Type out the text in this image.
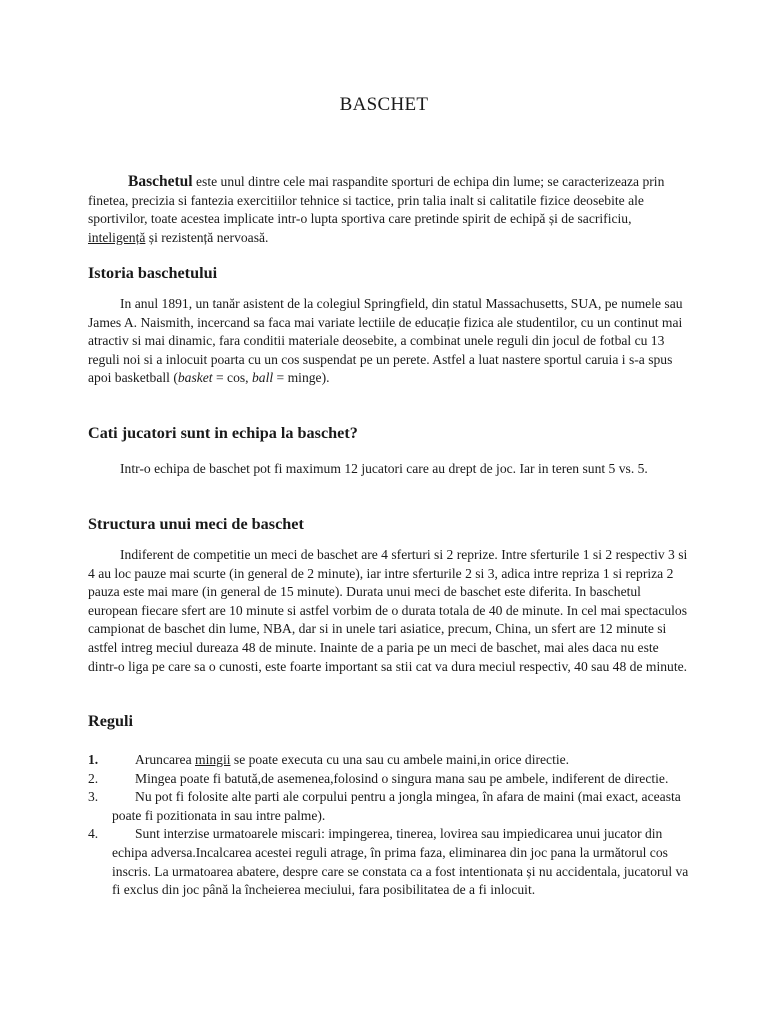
BASCHET
Baschetul este unul dintre cele mai raspandite sporturi de echipa din lume; se caracterizeaza prin finetea, precizia si fantezia exercitiilor tehnice si tactice, prin talia inalt si calitatile fizice deosebite ale sportivilor, toate acestea implicate intr-o lupta sportiva care pretinde spirit de echipă și de sacrificiu, inteligență și rezistență nervoasă.
Istoria baschetului
In anul 1891, un tanăr asistent de la colegiul Springfield, din statul Massachusetts, SUA, pe numele sau James A. Naismith, incercand sa faca mai variate lectiile de educație fizica ale studentilor, cu un continut mai atractiv si mai dinamic, fara conditii materiale deosebite, a combinat unele reguli din jocul de fotbal cu 13 reguli noi si a inlocuit poarta cu un cos suspendat pe un perete. Astfel a luat nastere sportul caruia i s-a spus apoi basketball (basket = cos, ball = minge).
Cati jucatori sunt in echipa la baschet?
Intr-o echipa de baschet pot fi maximum 12 jucatori care au drept de joc. Iar in teren sunt 5 vs. 5.
Structura unui meci de baschet
Indiferent de competitie un meci de baschet are 4 sferturi si 2 reprize. Intre sferturile 1 si 2 respectiv 3 si 4 au loc pauze mai scurte (in general de 2 minute), iar intre sferturile 2 si 3, adica intre repriza 1 si repriza 2 pauza este mai mare (in general de 15 minute). Durata unui meci de baschet este diferita. In baschetul european fiecare sfert are 10 minute si astfel vorbim de o durata totala de 40 de minute. In cel mai spectaculos campionat de baschet din lume, NBA, dar si in unele tari asiatice, precum, China, un sfert are 12 minute si astfel intreg meciul dureaza 48 de minute. Inainte de a paria pe un meci de baschet, mai ales daca nu este dintr-o liga pe care sa o cunosti, este foarte important sa stii cat va dura meciul respectiv, 40 sau 48 de minute.
Reguli
1.	Aruncarea mingii se poate executa cu una sau cu ambele maini,in orice directie.
2.	Mingea poate fi batută,de asemenea,folosind o singura mana sau pe ambele, indiferent de directie.
3.	Nu pot fi folosite alte parti ale corpului pentru a jongla mingea, în afara de maini (mai exact, aceasta poate fi pozitionata in sau intre palme).
4.	Sunt interzise urmatoarele miscari: impingerea, tinerea, lovirea sau impiedicarea unui jucator din echipa adversa.Incalcarea acestei reguli atrage, în prima faza, eliminarea din joc pana la următorul cos inscris. La urmatoarea abatere, despre care se constata ca a fost intentionata și nu accidentala, jucatorul va fi exclus din joc până la încheierea meciului, fara posibilitatea de a fi inlocuit.
